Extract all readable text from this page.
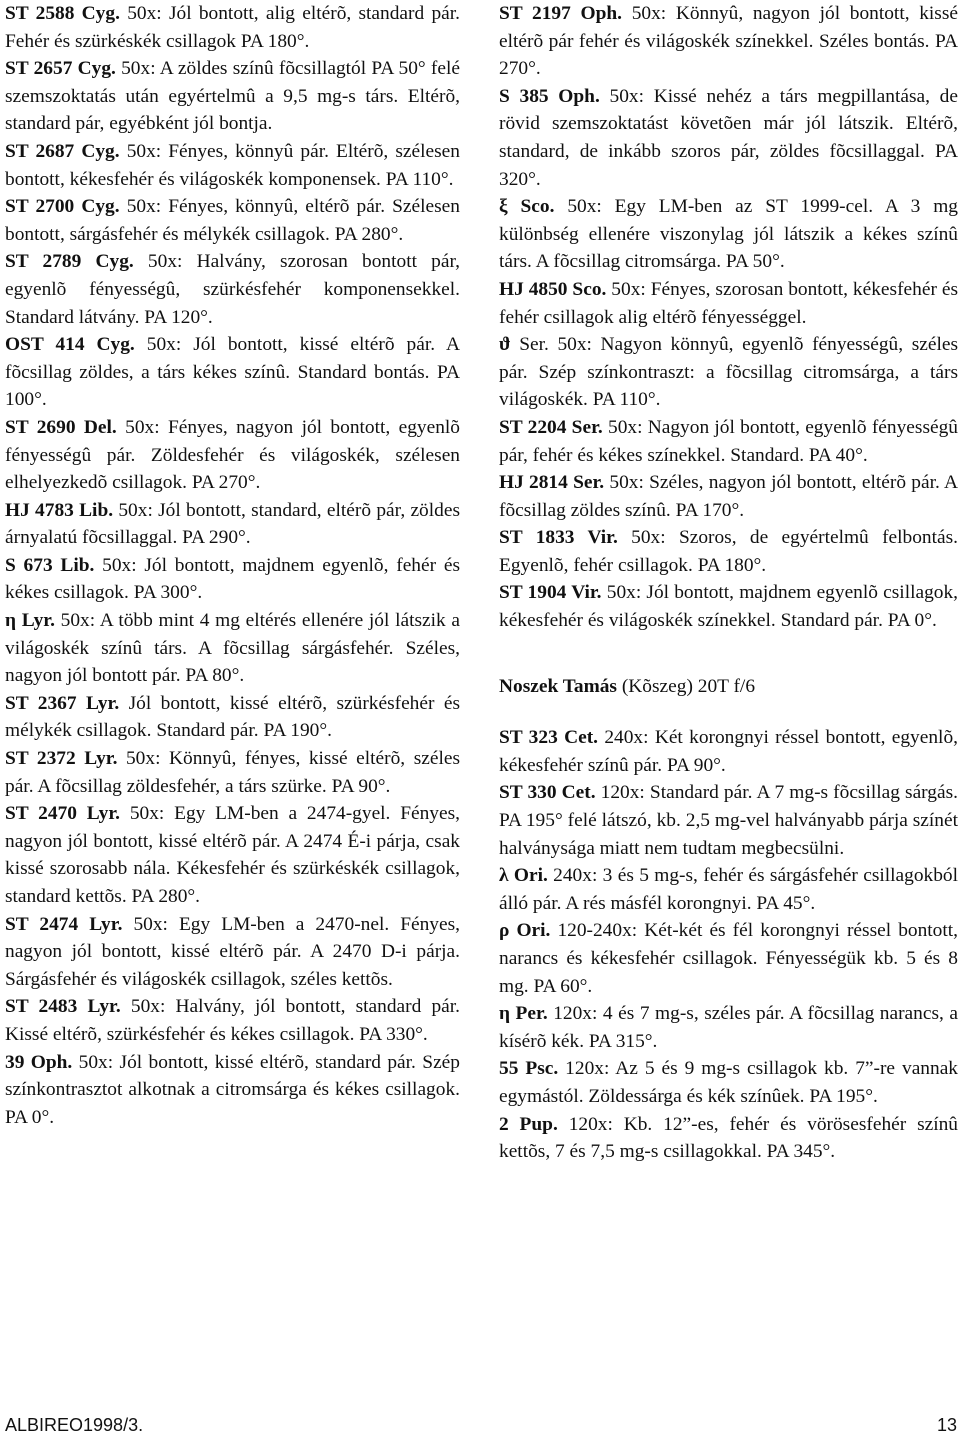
ST 2588 Cyg. 50x: Jól bontott, alig eltérõ, standard pár. Fehér és szürkéskék csillagok PA 180°.

ST 2657 Cyg. 50x: A zöldes színû fõcsillagtól PA 50° felé szemszoktatás után egyértelmû a 9,5 mg-s társ. Eltérõ, standard pár, egyébként jól bontja.

ST 2687 Cyg. 50x: Fényes, könnyû pár. Eltérõ, szélesen bontott, kékesfehér és világoskék komponensek. PA 110°.

ST 2700 Cyg. 50x: Fényes, könnyû, eltérõ pár. Szélesen bontott, sárgásfehér és mélykék csillagok. PA 280°.

ST 2789 Cyg. 50x: Halvány, szorosan bontott pár, egyenlõ fényességû, szürkésfehér komponensekkel. Standard látvány. PA 120°.

OST 414 Cyg. 50x: Jól bontott, kissé eltérõ pár. A fõcsillag zöldes, a társ kékes színû. Standard bontás. PA 100°.

ST 2690 Del. 50x: Fényes, nagyon jól bontott, egyenlõ fényességû pár. Zöldesfehér és világoskék, szélesen elhelyezkedõ csillagok. PA 270°.

HJ 4783 Lib. 50x: Jól bontott, standard, eltérõ pár, zöldes árnyalatú fõcsillaggal. PA 290°.

S 673 Lib. 50x: Jól bontott, majdnem egyenlõ, fehér és kékes csillagok. PA 300°.

η Lyr. 50x: A több mint 4 mg eltérés ellenére jól látszik a világoskék színû társ. A fõcsillag sárgásfehér. Széles, nagyon jól bontott pár. PA 80°.

ST 2367 Lyr. Jól bontott, kissé eltérõ, szürkésfehér és mélykék csillagok. Standard pár. PA 190°.

ST 2372 Lyr. 50x: Könnyû, fényes, kissé eltérõ, széles pár. A fõcsillag zöldesfehér, a társ szürke. PA 90°.

ST 2470 Lyr. 50x: Egy LM-ben a 2474-gyel. Fényes, nagyon jól bontott, kissé eltérõ pár. A 2474 É-i párja, csak kissé szorosabb nála. Kékesfehér és szürkéskék csillagok, standard kettõs. PA 280°.

ST 2474 Lyr. 50x: Egy LM-ben a 2470-nel. Fényes, nagyon jól bontott, kissé eltérõ pár. A 2470 D-i párja. Sárgásfehér és világoskék csillagok, széles kettõs.

ST 2483 Lyr. 50x: Halvány, jól bontott, standard pár. Kissé eltérõ, szürkésfehér és kékes csillagok. PA 330°.

39 Oph. 50x: Jól bontott, kissé eltérõ, standard pár. Szép színkontrasztot alkotnak a citromsárga és kékes csillagok. PA 0°.

ST 2197 Oph. 50x: Könnyû, nagyon jól bontott, kissé eltérõ pár fehér és világoskék színekkel. Széles bontás. PA 270°.

S 385 Oph. 50x: Kissé nehéz a társ megpillantása, de rövid szemszoktatást követõen már jól látszik. Eltérõ, standard, de inkább szoros pár, zöldes fõcsillaggal. PA 320°.

ξ Sco. 50x: Egy LM-ben az ST 1999-cel. A 3 mg különbség ellenére viszonylag jól látszik a kékes színû társ. A fõcsillag citromsárga. PA 50°.

HJ 4850 Sco. 50x: Fényes, szorosan bontott, kékesfehér és fehér csillagok alig eltérõ fényességgel.

ϑ Ser. 50x: Nagyon könnyû, egyenlõ fényességû, széles pár. Szép színkontraszt: a fõcsillag citromsárga, a társ világoskék. PA 110°.

ST 2204 Ser. 50x: Nagyon jól bontott, egyenlõ fényességû pár, fehér és kékes színekkel. Standard. PA 40°.

HJ 2814 Ser. 50x: Széles, nagyon jól bontott, eltérõ pár. A fõcsillag zöldes színû. PA 170°.

ST 1833 Vir. 50x: Szoros, de egyértelmû felbontás. Egyenlõ, fehér csillagok. PA 180°.

ST 1904 Vir. 50x: Jól bontott, majdnem egyenlõ csillagok, kékesfehér és világoskék színekkel. Standard pár. PA 0°.

Noszek Tamás (Kõszeg) 20T f/6

ST 323 Cet. 240x: Két korongnyi réssel bontott, egyenlõ, kékesfehér színû pár. PA 90°.

ST 330 Cet. 120x: Standard pár. A 7 mg-s fõcsillag sárgás. PA 195° felé látszó, kb. 2,5 mg-vel halványabb párja színét halványsága miatt nem tudtam megbecsülni.

λ Ori. 240x: 3 és 5 mg-s, fehér és sárgásfehér csillagokból álló pár. A rés másfél korongnyi. PA 45°.

ρ Ori. 120-240x: Két-két és fél korongnyi réssel bontott, narancs és kékesfehér csillagok. Fényességük kb. 5 és 8 mg. PA 60°.

η Per. 120x: 4 és 7 mg-s, széles pár. A fõcsillag narancs, a kísérõ kék. PA 315°.

55 Psc. 120x: Az 5 és 9 mg-s csillagok kb. 7”-re vannak egymástól. Zöldessárga és kék színûek. PA 195°.

2 Pup. 120x: Kb. 12”-es, fehér és vörösesfehér színû kettõs, 7 és 7,5 mg-s csillagokkal. PA 345°.

ALBIREO1998/3.	13
